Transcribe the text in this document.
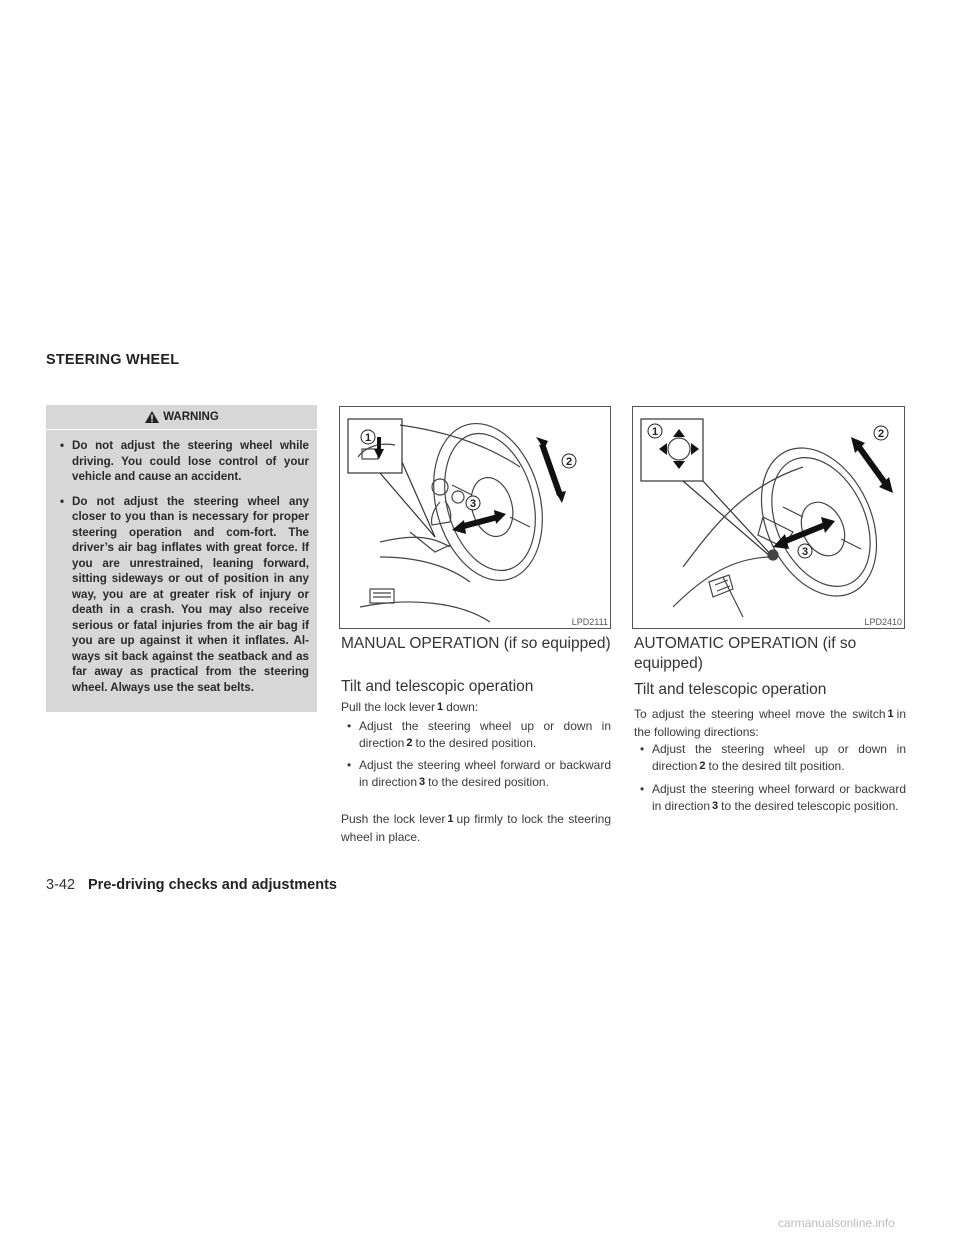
STEERING WHEEL
WARNING
• Do not adjust the steering wheel while driving. You could lose control of your vehicle and cause an accident.
• Do not adjust the steering wheel any closer to you than is necessary for proper steering operation and com-fort. The driver’s air bag inflates with great force. If you are unrestrained, leaning forward, sitting sideways or out of position in any way, you are at greater risk of injury or death in a crash. You may also receive serious or fatal injuries from the air bag if you are up against it when it inflates. Al-ways sit back against the seatback and as far away as practical from the steering wheel. Always use the seat belts.
1
2
3
LPD2111
1	2
3
LPD2410
MANUAL OPERATION (if so equipped)
Tilt and telescopic operation
Pull the lock lever 1 down:
• Adjust the steering wheel up or down in direction 2 to the desired position.
• Adjust the steering wheel forward or backward in direction 3 to the desired position.
Push the lock lever 1 up firmly to lock the steering wheel in place.
AUTOMATIC OPERATION (if so equipped)
Tilt and telescopic operation
To adjust the steering wheel move the switch 1 in the following directions:
• Adjust the steering wheel up or down in direction 2 to the desired tilt position.
• Adjust the steering wheel forward or backward in direction 3 to the desired telescopic position.
3-42 Pre-driving checks and adjustments
carmanualsonline.info
